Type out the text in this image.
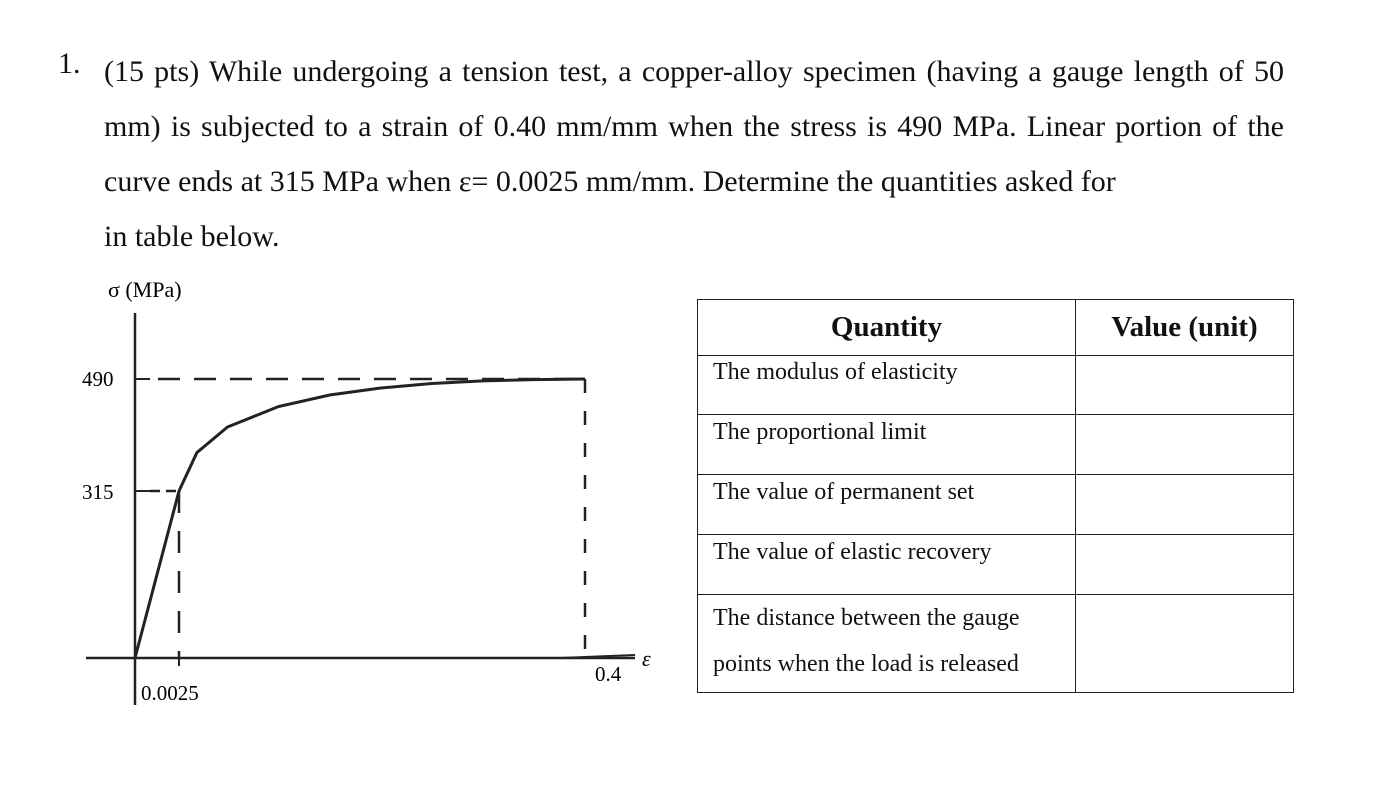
1. (15 pts) While undergoing a tension test, a copper-alloy specimen (having a gauge length of 50 mm) is subjected to a strain of 0.40 mm/mm when the stress is 490 MPa. Linear portion of the curve ends at 315 MPa when ε= 0.0025 mm/mm. Determine the quantities asked for
in table below.
σ (MPa)
490
315
0.0025
0.4
ε
Quantity	Value (unit)
The modulus of elasticity	
The proportional limit	
The value of permanent set	
The value of elastic recovery	
The distance between the gauge points when the load is released	
